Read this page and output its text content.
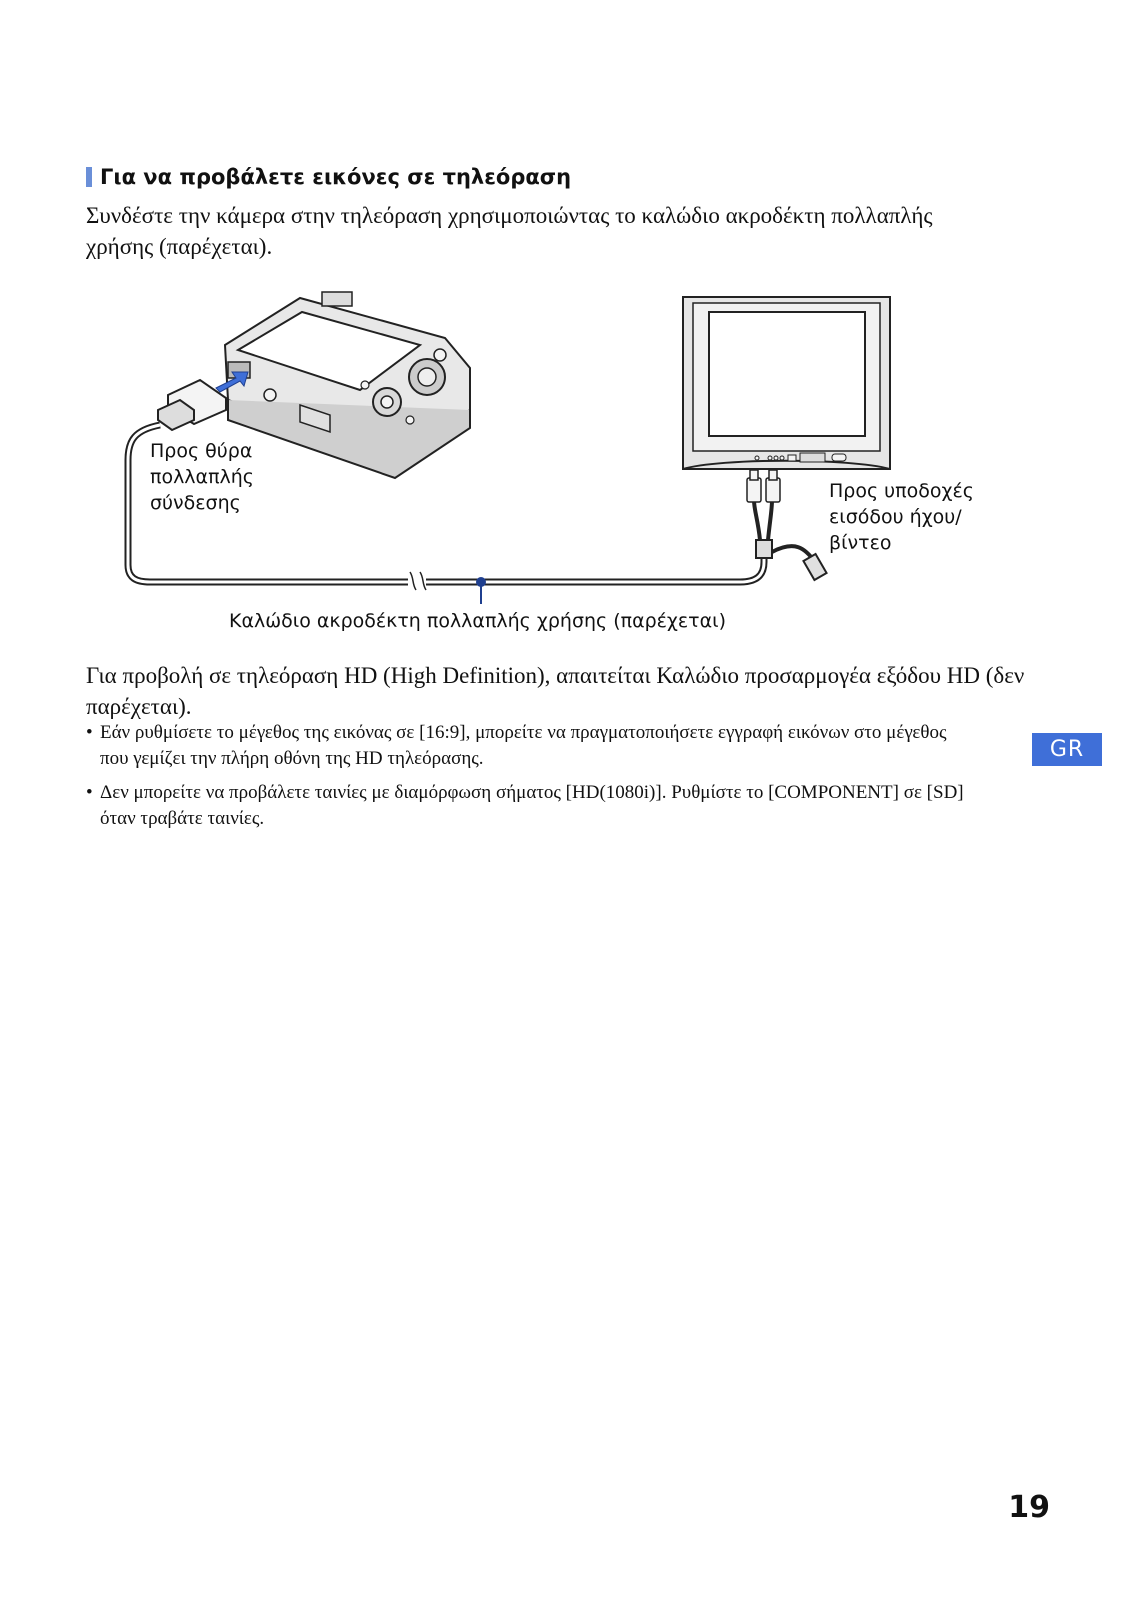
Για να προβάλετε εικόνες σε τηλεόραση
Συνδέστε την κάμερα στην τηλεόραση χρησιμοποιώντας το καλώδιο ακροδέκτη πολλαπλής χρήσης (παρέχεται).
Προς θύρα
πολλαπλής
σύνδεσης
Προς υποδοχές
εισόδου ήχου/
βίντεο
Καλώδιο ακροδέκτη πολλαπλής χρήσης (παρέχεται)
Για προβολή σε τηλεόραση HD (High Definition), απαιτείται Καλώδιο προσαρμογέα εξόδου HD (δεν παρέχεται).
• Εάν ρυθμίσετε το μέγεθος της εικόνας σε [16:9], μπορείτε να πραγματοποιήσετε εγγραφή εικόνων στο μέγεθος που γεμίζει την πλήρη οθόνη της HD τηλεόρασης.
• Δεν μπορείτε να προβάλετε ταινίες με διαμόρφωση σήματος [HD(1080i)]. Ρυθμίστε το [COMPONENT] σε [SD] όταν τραβάτε ταινίες.
GR
19
